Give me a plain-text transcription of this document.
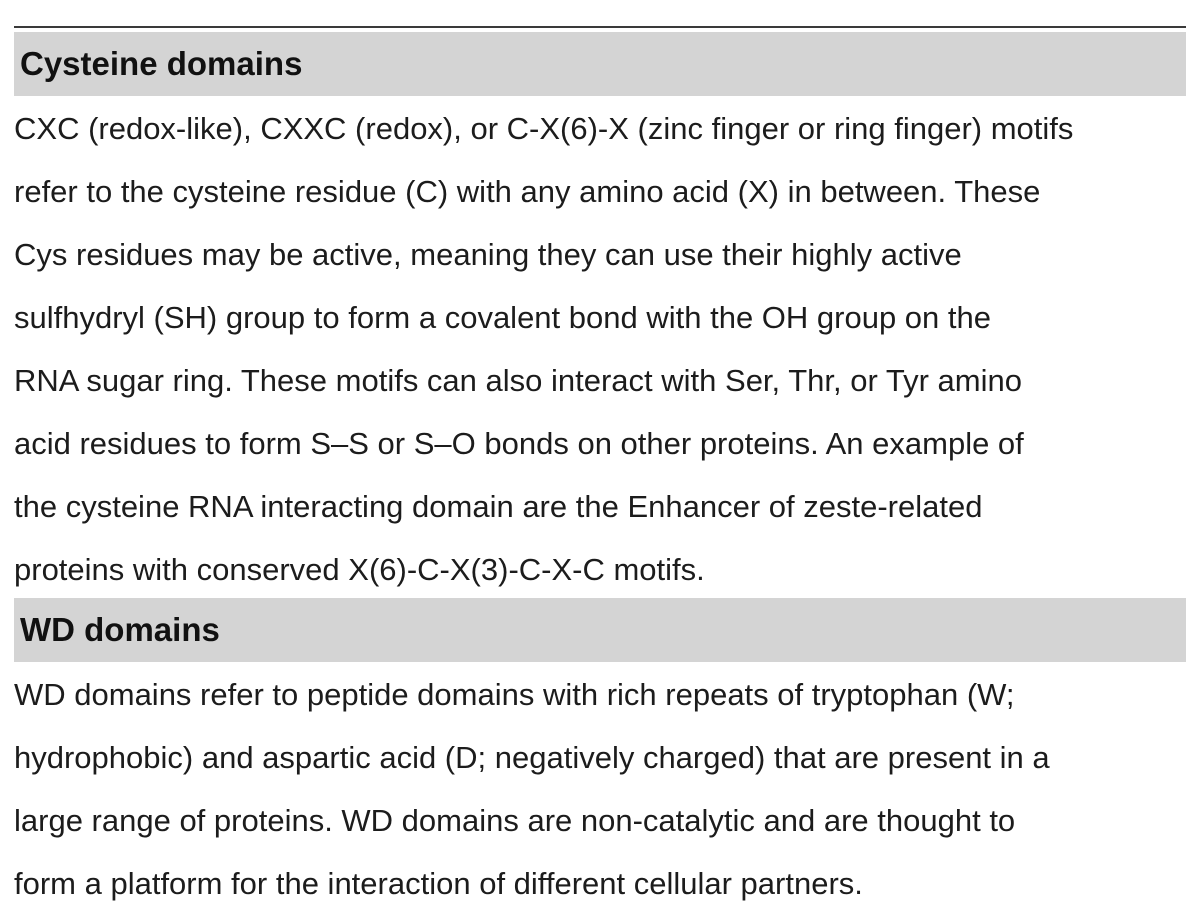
Cysteine domains
CXC (redox-like), CXXC (redox), or C-X(6)-X (zinc finger or ring finger) motifs
refer to the cysteine residue (C) with any amino acid (X) in between. These
Cys residues may be active, meaning they can use their highly active
sulfhydryl (SH) group to form a covalent bond with the OH group on the
RNA sugar ring. These motifs can also interact with Ser, Thr, or Tyr amino
acid residues to form S–S or S–O bonds on other proteins. An example of
the cysteine RNA interacting domain are the Enhancer of zeste-related
proteins with conserved X(6)-C-X(3)-C-X-C motifs.
WD domains
WD domains refer to peptide domains with rich repeats of tryptophan (W;
hydrophobic) and aspartic acid (D; negatively charged) that are present in a
large range of proteins. WD domains are non-catalytic and are thought to
form a platform for the interaction of different cellular partners.
